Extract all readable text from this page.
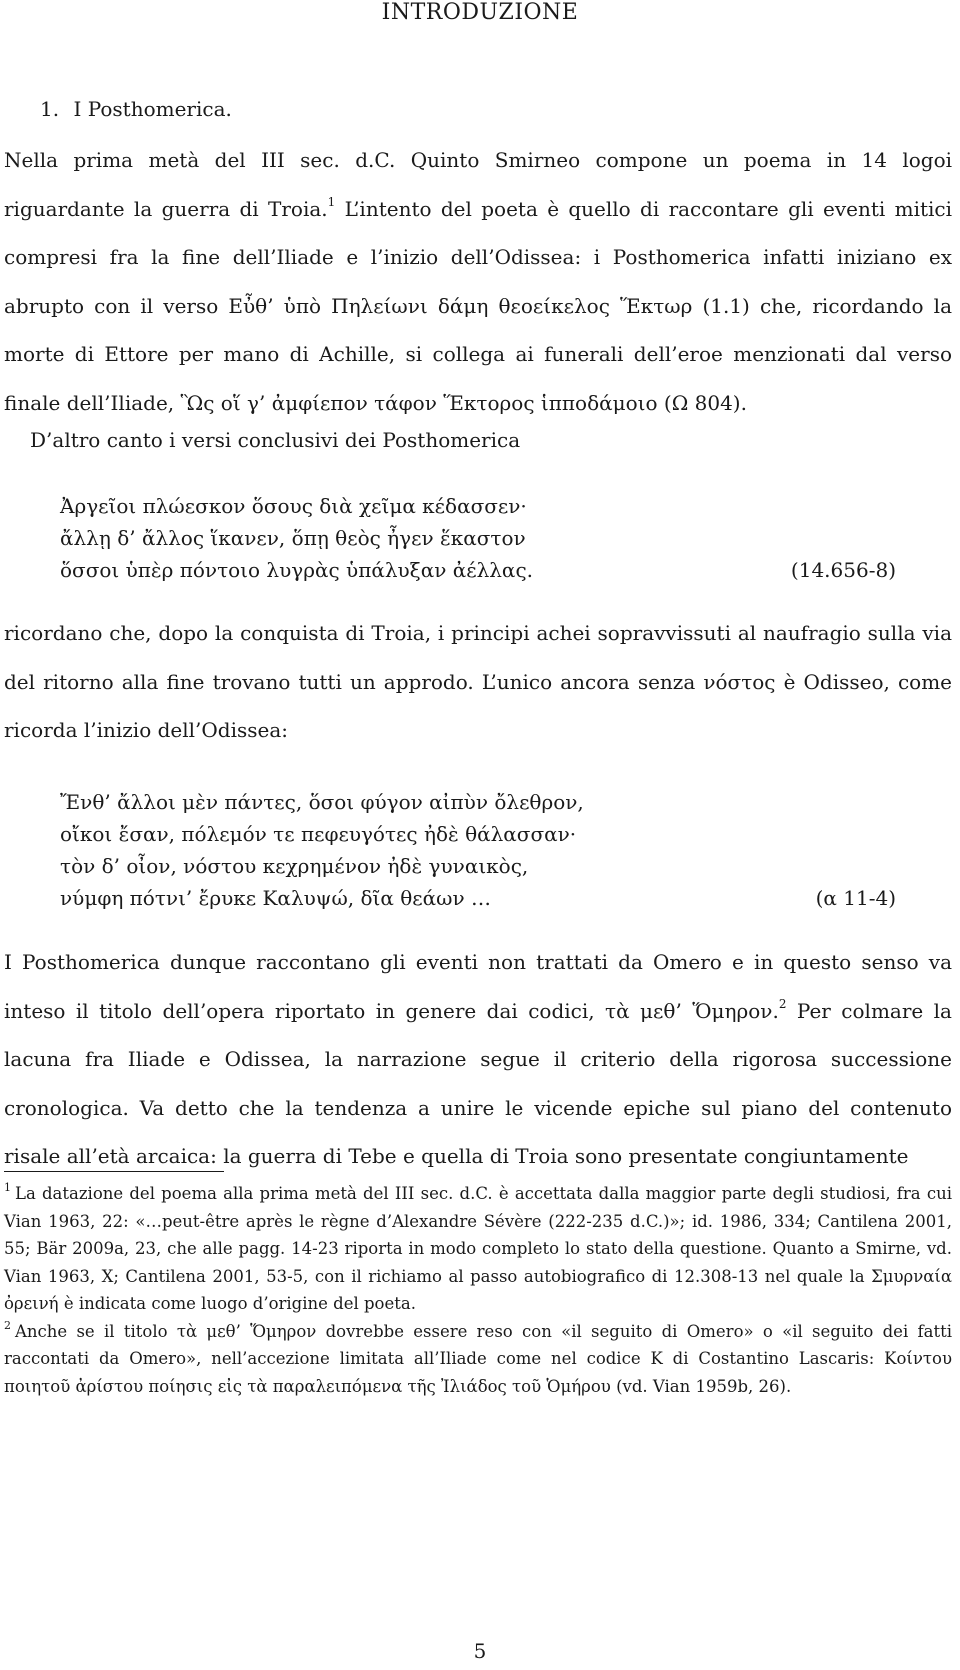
INTRODUZIONE
1. I Posthomerica.

Nella prima metà del III sec. d.C. Quinto Smirneo compone un poema in 14 logoi

riguardante la guerra di Troia.$^1$ L’intento del poeta è quello di raccontare gli eventi mitici compresi fra la fine dell’Iliade e l’inizio dell’Odissea: i Posthomerica infatti iniziano ex abrupto con il verso Εὖθ’ ὑπὸ Πηλείωνι δάμη θεοείκελος Ἕκτωρ (1.1) che, ricordando la morte di Ettore per mano di Achille, si collega ai funerali dell’eroe menzionati dal verso finale dell’Iliade, Ὣς οἵ γ’ ἀμφίεπον τάφον Ἕκτορος ἱπποδάμοιο (Ω 804).

D’altro canto i versi conclusivi dei Posthomerica
Ἀργεῖοι πλώεσκον ὅσους διὰ χεῖμα κέδασσεν·
ἄλλῃ δ’ ἄλλος ἵκανεν, ὅπῃ θεὸς ἦγεν ἕκαστον
ὅσσοι ὑπὲρ πόντοιο λυγρὰς ὑπάλυξαν ἀέλλας.	(14.656-8)

ricordano che, dopo la conquista di Troia, i principi achei sopravvissuti al naufragio sulla via del ritorno alla fine trovano tutti un approdo. L’unico ancora senza νόστος è Odisseo, come ricorda l’inizio dell’Odissea:

Ἔνθ’ ἄλλοι μὲν πάντες, ὅσοι φύγον αἰπὺν ὄλεθρον,
οἴκοι ἔσαν, πόλεμόν τε πεφευγότες ἠδὲ θάλασσαν·
τὸν δ’ οἶον, νόστου κεχρημένον ἠδὲ γυναικὸς,
νύμφη πότνι’ ἔρυκε Καλυψώ, δῖα θεάων …	(α 11-4)

I Posthomerica dunque raccontano gli eventi non trattati da Omero e in questo senso va inteso il titolo dell’opera riportato in genere dai codici, τὰ μεθ’ Ὅμηρον.$^2$ Per colmare la lacuna fra Iliade e Odissea, la narrazione segue il criterio della rigorosa successione cronologica. Va detto che la tendenza a unire le vicende epiche sul piano del contenuto risale all’età arcaica: la guerra di Tebe e quella di Troia sono presentate congiuntamente

$^1$ La datazione del poema alla prima metà del III sec. d.C. è accettata dalla maggior parte degli studiosi, fra cui Vian 1963, 22: «…peut-être après le règne d’Alexandre Sévère (222-235 d.C.)»; id. 1986, 334; Cantilena 2001, 55; Bär 2009a, 23, che alle pagg. 14-23 riporta in modo completo lo stato della questione. Quanto a Smirne, vd. Vian 1963, X; Cantilena 2001, 53-5, con il richiamo al passo autobiografico di 12.308-13 nel quale la Σμυρναία ὀρεινή è indicata come luogo d’origine del poeta.

$^2$ Anche se il titolo τὰ μεθ’ Ὅμηρον dovrebbe essere reso con «il seguito di Omero» o «il seguito dei fatti raccontati da Omero», nell’accezione limitata all’Iliade come nel codice K di Costantino Lascaris: Κοίντου ποιητοῦ ἀρίστου ποίησις εἰς τὰ παραλειπόμενα τῆς Ἰλιάδος τοῦ Ὁμήρου (vd. Vian 1959b, 26).

5
